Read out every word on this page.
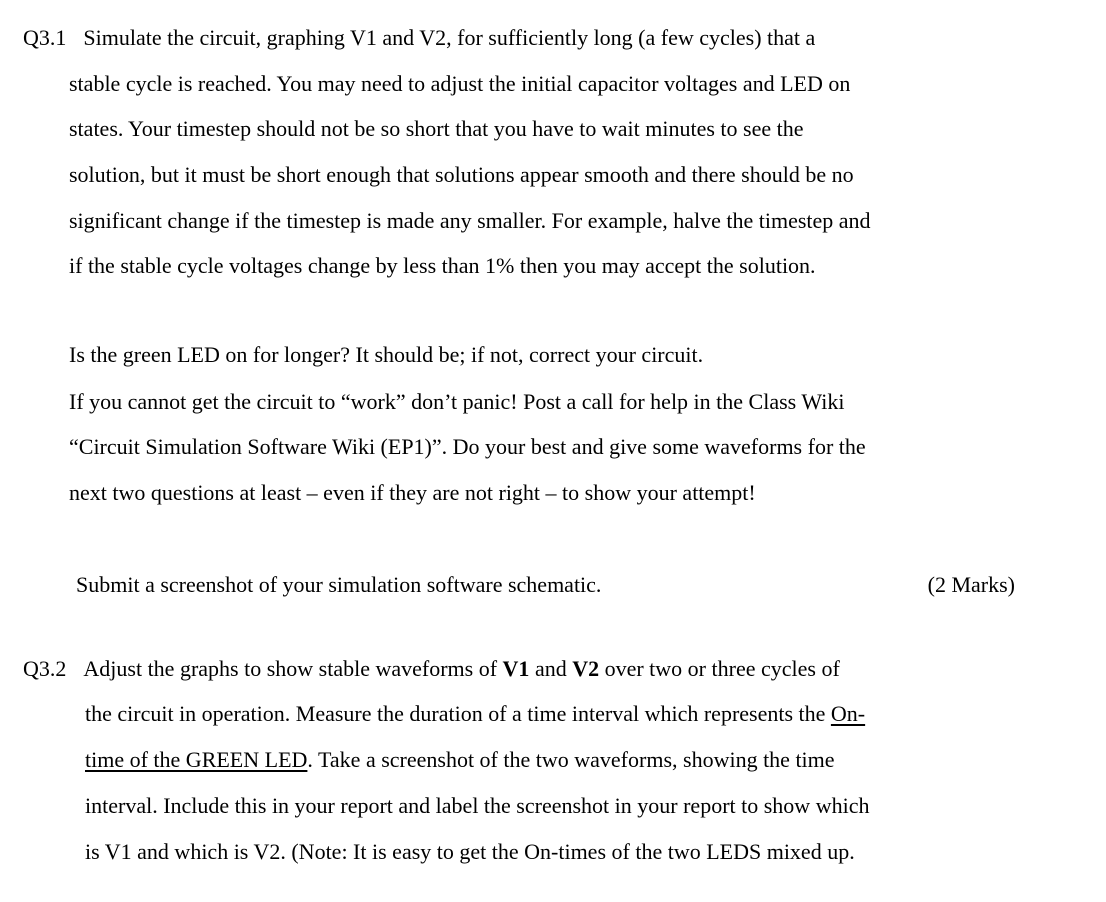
Q3.1 Simulate the circuit, graphing V1 and V2, for sufficiently long (a few cycles) that a
stable cycle is reached. You may need to adjust the initial capacitor voltages and LED on
states. Your timestep should not be so short that you have to wait minutes to see the
solution, but it must be short enough that solutions appear smooth and there should be no
significant change if the timestep is made any smaller. For example, halve the timestep and
if the stable cycle voltages change by less than 1% then you may accept the solution.
Is the green LED on for longer? It should be; if not, correct your circuit.
If you cannot get the circuit to “work” don’t panic! Post a call for help in the Class Wiki
“Circuit Simulation Software Wiki (EP1)”. Do your best and give some waveforms for the
next two questions at least – even if they are not right – to show your attempt!
Submit a screenshot of your simulation software schematic.	(2 Marks)
Q3.2 Adjust the graphs to show stable waveforms of V1 and V2 over two or three cycles of
the circuit in operation. Measure the duration of a time interval which represents the On-
time of the GREEN LED. Take a screenshot of the two waveforms, showing the time
interval. Include this in your report and label the screenshot in your report to show which
is V1 and which is V2. (Note: It is easy to get the On-times of the two LEDS mixed up.
